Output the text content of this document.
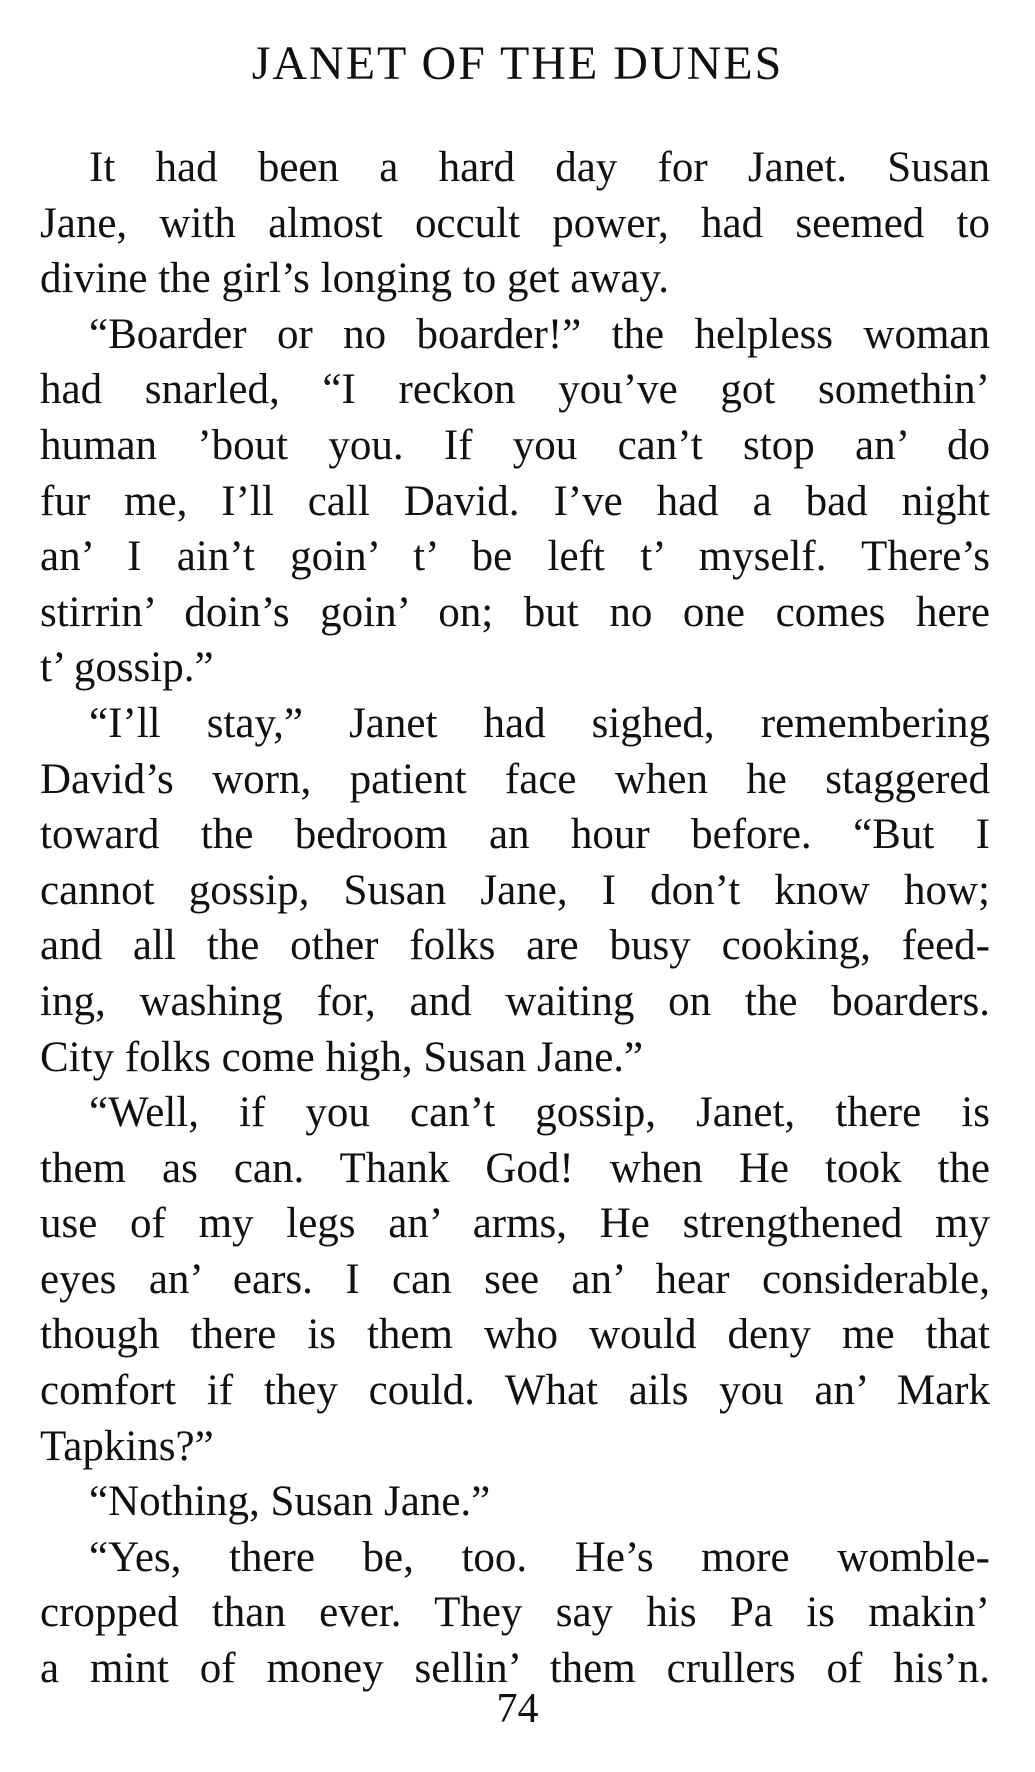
JANET OF THE DUNES
It had been a hard day for Janet. Susan
Jane, with almost occult power, had seemed to
divine the girl’s longing to get away.
“Boarder or no boarder!” the helpless woman
had snarled, “I reckon you’ve got somethin’
human ’bout you. If you can’t stop an’ do
fur me, I’ll call David. I’ve had a bad night
an’ I ain’t goin’ t’ be left t’ myself. There’s
stirrin’ doin’s goin’ on; but no one comes here
t’ gossip.”
“I’ll stay,” Janet had sighed, remembering
David’s worn, patient face when he staggered
toward the bedroom an hour before. “But I
cannot gossip, Susan Jane, I don’t know how;
and all the other folks are busy cooking, feed-
ing, washing for, and waiting on the boarders.
City folks come high, Susan Jane.”
“Well, if you can’t gossip, Janet, there is
them as can. Thank God! when He took the
use of my legs an’ arms, He strengthened my
eyes an’ ears. I can see an’ hear considerable,
though there is them who would deny me that
comfort if they could. What ails you an’ Mark
Tapkins?”
“Nothing, Susan Jane.”
“Yes, there be, too. He’s more womble-
cropped than ever. They say his Pa is makin’
a mint of money sellin’ them crullers of his’n.
74
